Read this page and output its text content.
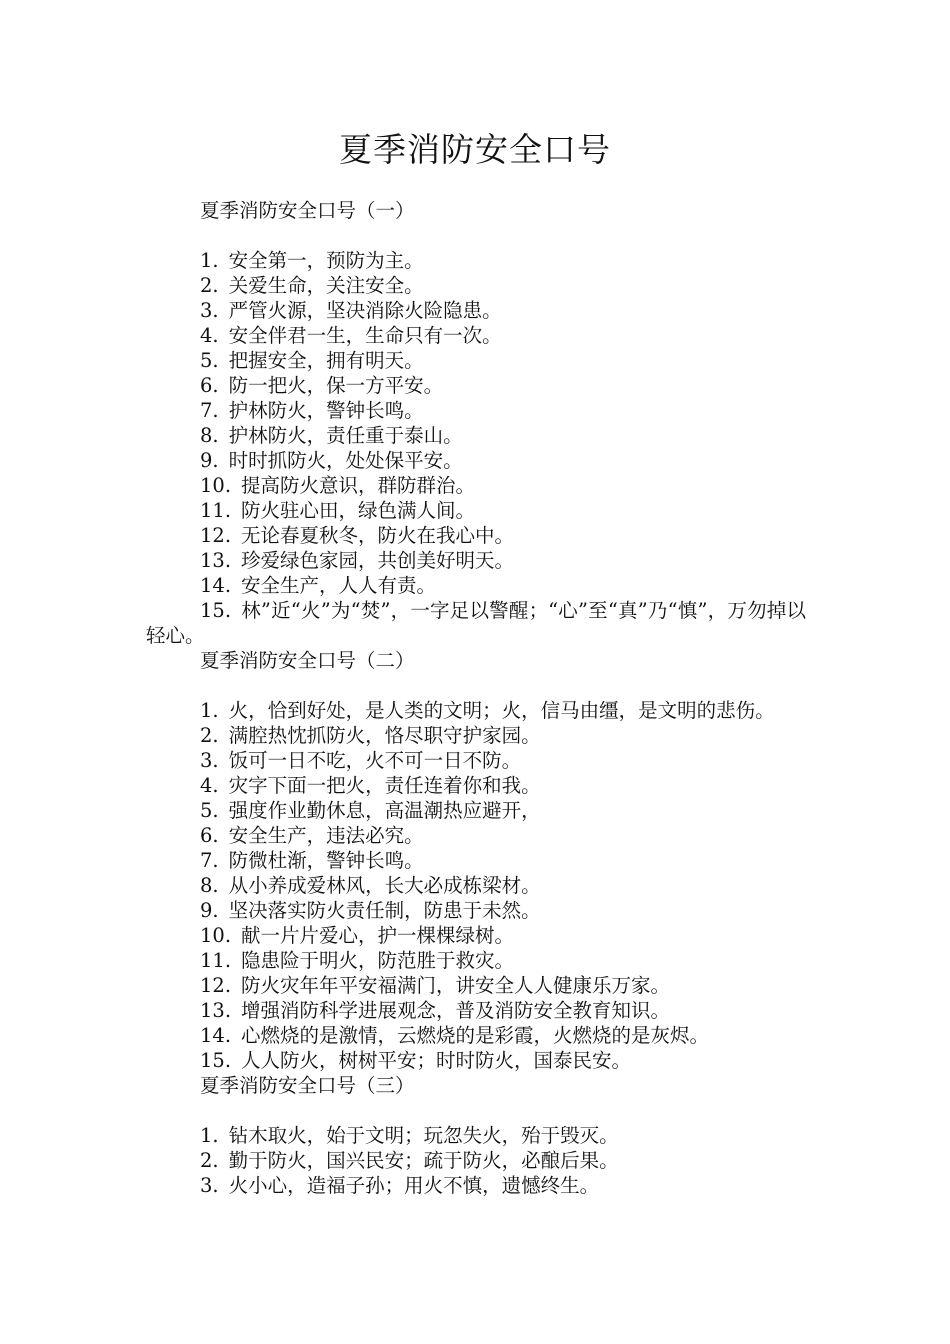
夏季消防安全口号
夏季消防安全口号（一）
1. 安全第一，预防为主。
2. 关爱生命，关注安全。
3. 严管火源，坚决消除火险隐患。
4. 安全伴君一生，生命只有一次。
5. 把握安全，拥有明天。
6. 防一把火，保一方平安。
7. 护林防火，警钟长鸣。
8. 护林防火，责任重于泰山。
9. 时时抓防火，处处保平安。
10. 提高防火意识，群防群治。
11. 防火驻心田，绿色满人间。
12. 无论春夏秋冬，防火在我心中。
13. 珍爱绿色家园，共创美好明天。
14. 安全生产，人人有责。
15. 林”近“火”为“焚”，一字足以警醒；“心”至“真”乃“慎”，万勿掉以轻心。
夏季消防安全口号（二）
1. 火，恰到好处，是人类的文明；火，信马由缰，是文明的悲伤。
2. 满腔热忱抓防火，恪尽职守护家园。
3. 饭可一日不吃，火不可一日不防。
4. 灾字下面一把火，责任连着你和我。
5. 强度作业勤休息，高温潮热应避开，
6. 安全生产，违法必究。
7. 防微杜渐，警钟长鸣。
8. 从小养成爱林风，长大必成栋梁材。
9. 坚决落实防火责任制，防患于未然。
10. 献一片片爱心，护一棵棵绿树。
11. 隐患险于明火，防范胜于救灾。
12. 防火灾年年平安福满门，讲安全人人健康乐万家。
13. 增强消防科学进展观念，普及消防安全教育知识。
14. 心燃烧的是激情，云燃烧的是彩霞，火燃烧的是灰烬。
15. 人人防火，树树平安；时时防火，国泰民安。
夏季消防安全口号（三）
1. 钻木取火，始于文明；玩忽失火，殆于毁灭。
2. 勤于防火，国兴民安；疏于防火，必酿后果。
3. 火小心，造福子孙；用火不慎，遗憾终生。
